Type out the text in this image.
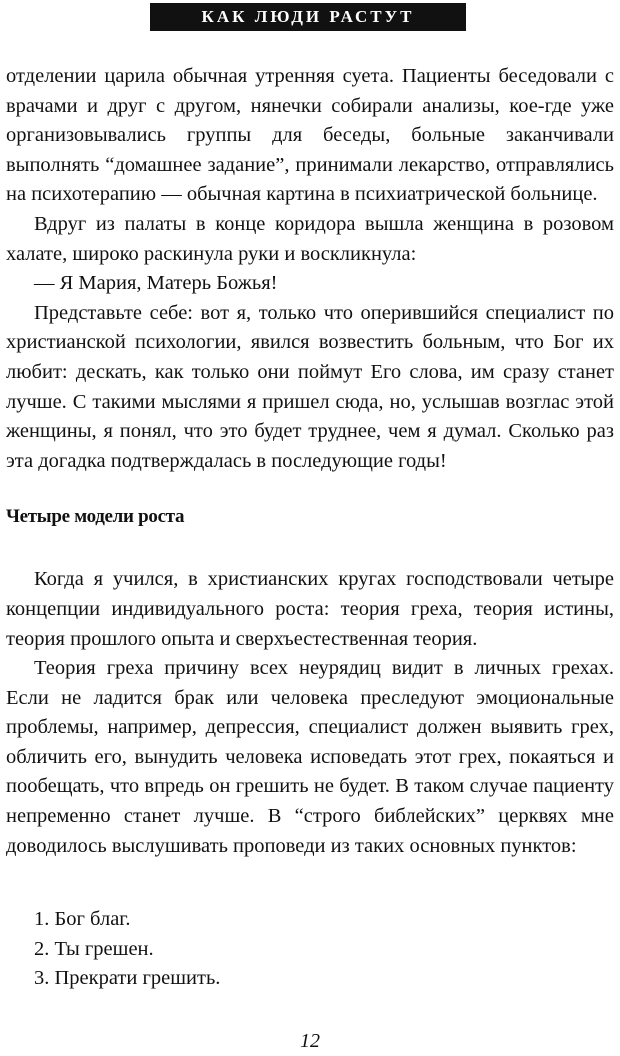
КАК ЛЮДИ РАСТУТ

отделении царила обычная утренняя суета. Пациенты беседовали с врачами и друг с другом, нянечки собирали анализы, кое-где уже организовывались группы для беседы, больные заканчивали выполнять “домашнее задание”, принимали лекарство, отправлялись на психотерапию — обычная картина в психиатрической больнице.

Вдруг из палаты в конце коридора вышла женщина в розовом халате, широко раскинула руки и воскликнула:

— Я Мария, Матерь Божья!

Представьте себе: вот я, только что оперившийся специалист по христианской психологии, явился возвестить больным, что Бог их любит: дескать, как только они поймут Его слова, им сразу станет лучше. С такими мыслями я пришел сюда, но, услышав возглас этой женщины, я понял, что это будет труднее, чем я думал. Сколько раз эта догадка подтверждалась в последующие годы!

Четыре модели роста

Когда я учился, в христианских кругах господствовали четыре концепции индивидуального роста: теория греха, теория истины, теория прошлого опыта и сверхъестественная теория.

Теория греха причину всех неурядиц видит в личных грехах. Если не ладится брак или человека преследуют эмоциональные проблемы, например, депрессия, специалист должен выявить грех, обличить его, вынудить человека исповедать этот грех, покаяться и пообещать, что впредь он грешить не будет. В таком случае пациенту непременно станет лучше. В “строго библейских” церквях мне доводилось выслушивать проповеди из таких основных пунктов:

1. Бог благ.
2. Ты грешен.
3. Прекрати грешить.
12
